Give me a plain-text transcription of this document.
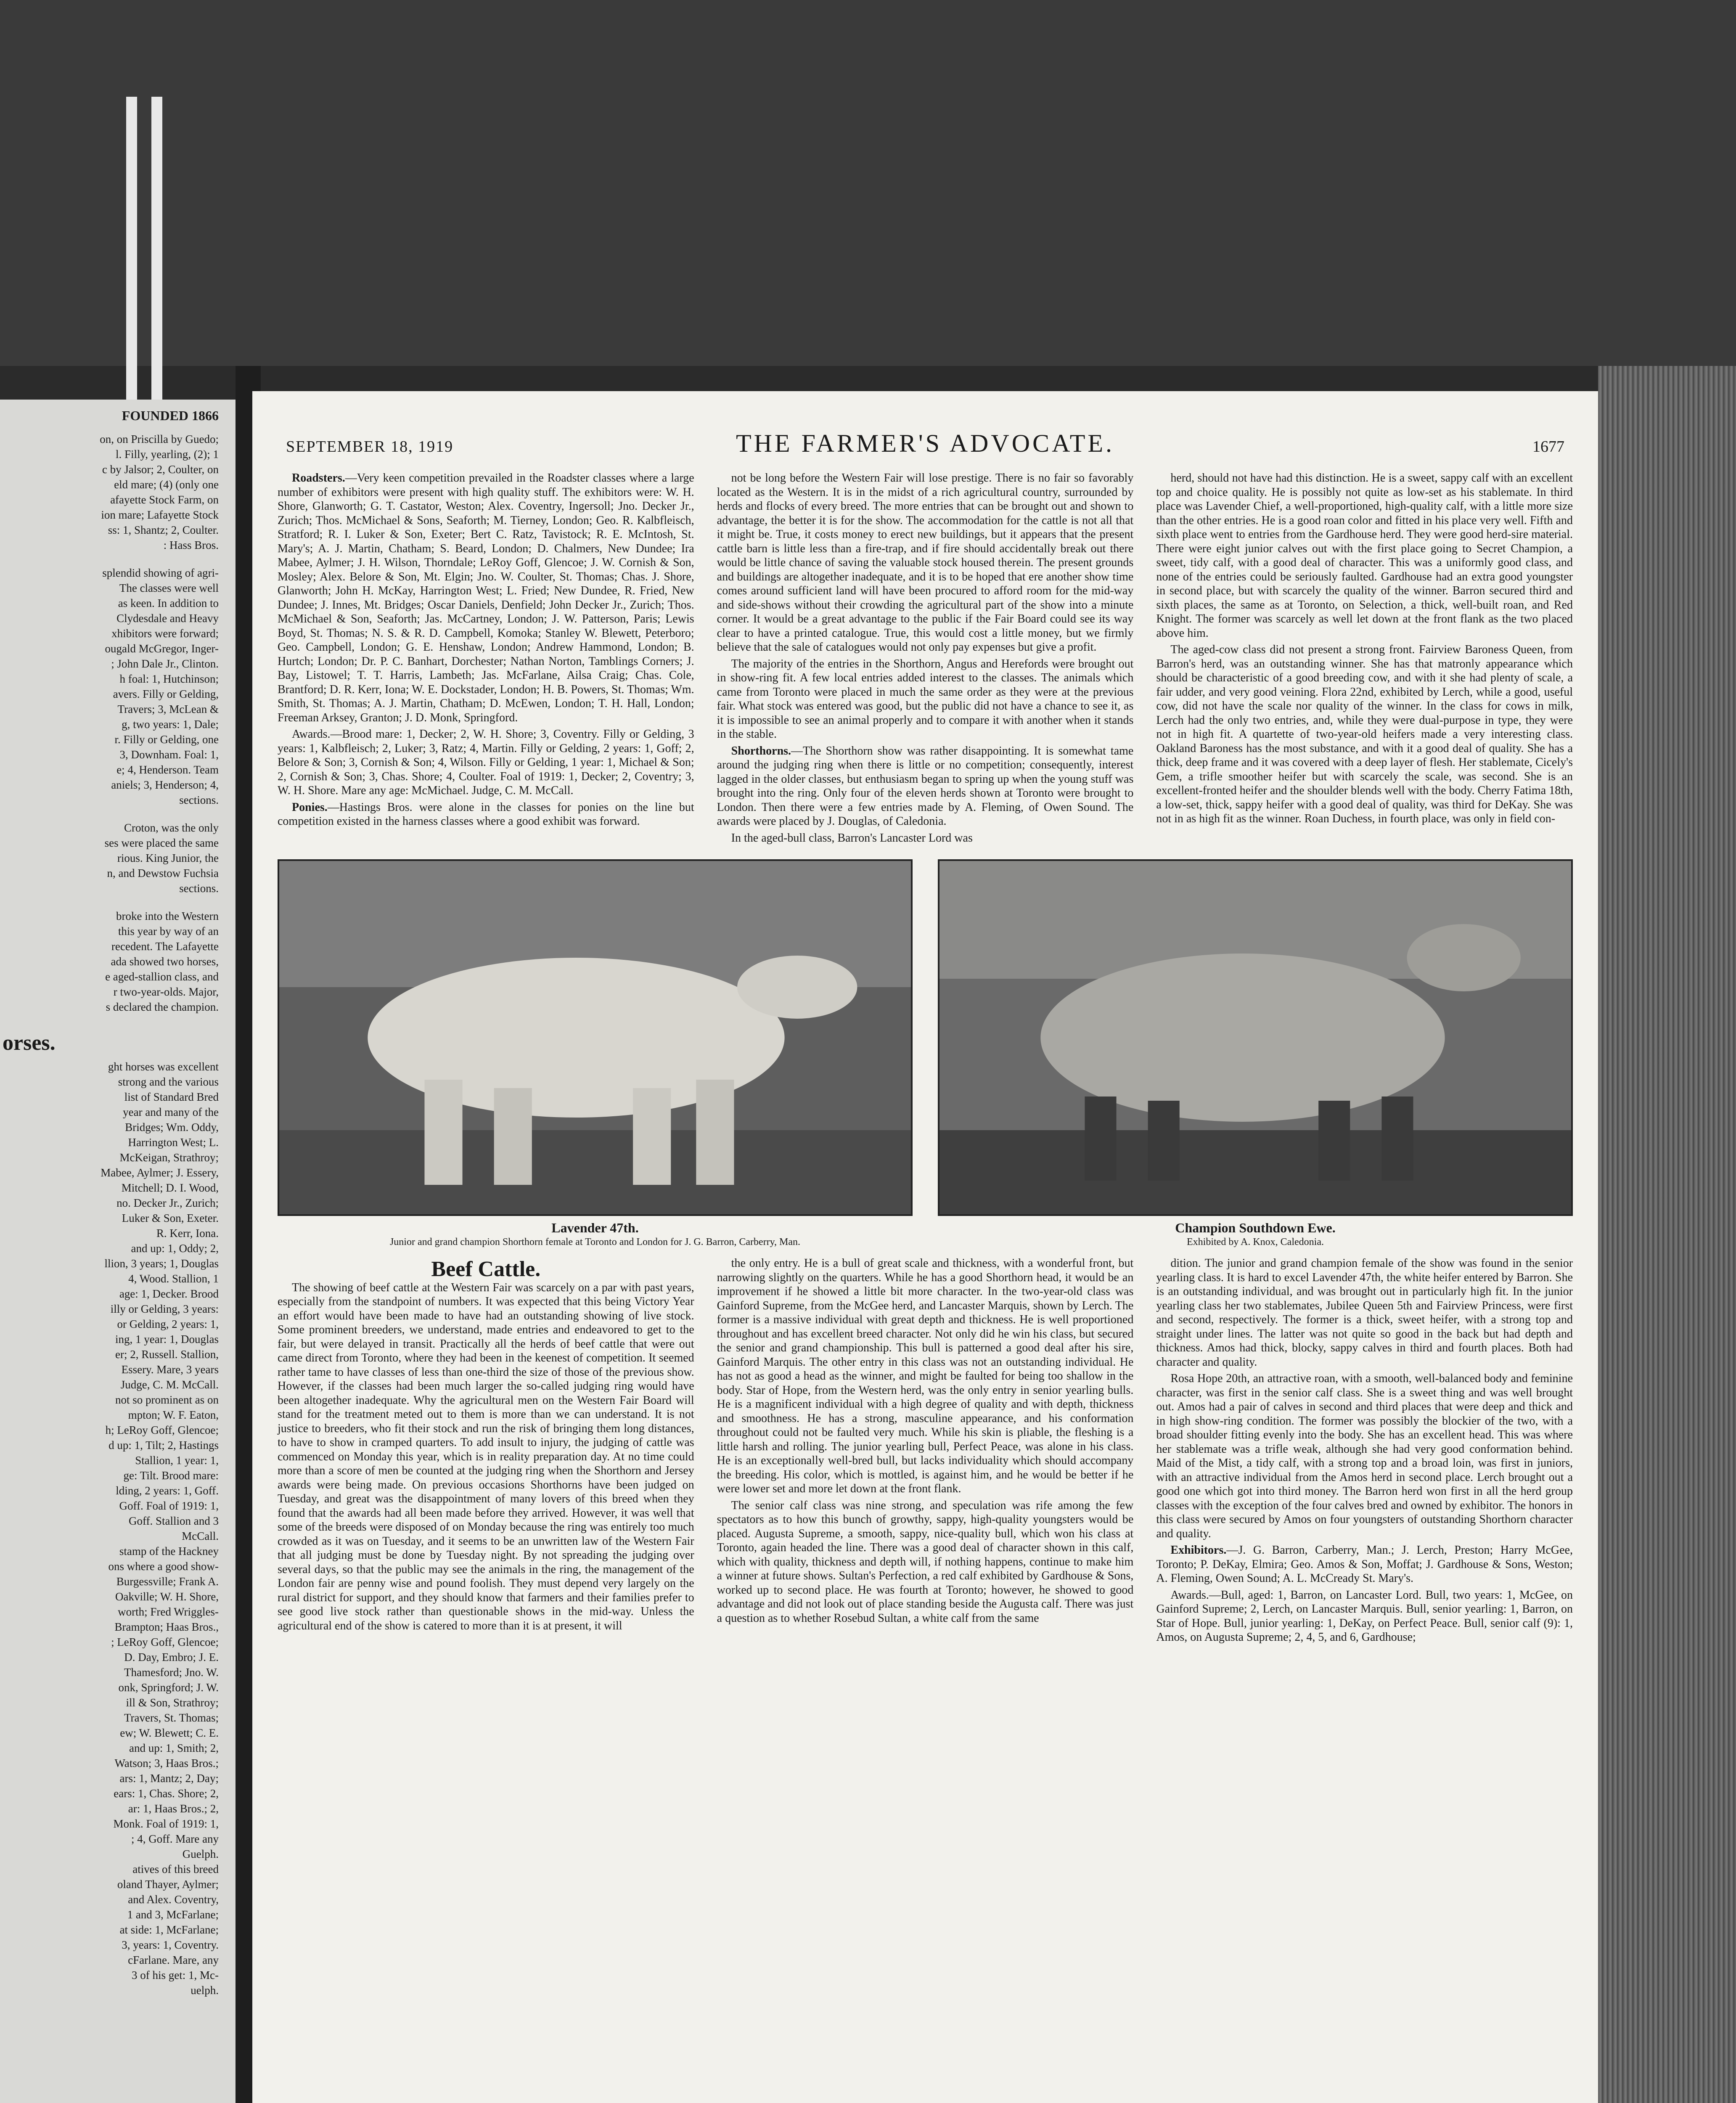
FOUNDED 1866

on, on Priscilla by Guedo;

l. Filly, yearling, (2); 1

c by Jalsor; 2, Coulter, on

eld mare; (4) (only one

afayette Stock Farm, on

ion mare; Lafayette Stock

ss: 1, Shantz; 2, Coulter.

: Hass Bros.

splendid showing of agri-

The classes were well

as keen. In addition to

Clydesdale and Heavy

xhibitors were forward;

ougald McGregor, Inger-

; John Dale Jr., Clinton.

h foal: 1, Hutchinson;

avers. Filly or Gelding,

Travers; 3, McLean &

g, two years: 1, Dale;

r. Filly or Gelding, one

3, Downham. Foal: 1,

e; 4, Henderson. Team

aniels; 3, Henderson; 4,

sections.

Croton, was the only

ses were placed the same

rious. King Junior, the

n, and Dewstow Fuchsia

sections.

broke into the Western

this year by way of an

recedent. The Lafayette

ada showed two horses,

e aged-stallion class, and

r two-year-olds. Major,

s declared the champion.

orses.

ght horses was excellent

strong and the various

list of Standard Bred

year and many of the

Bridges; Wm. Oddy,

Harrington West; L.

McKeigan, Strathroy;

Mabee, Aylmer; J. Essery,

Mitchell; D. I. Wood,

no. Decker Jr., Zurich;

Luker & Son, Exeter.

R. Kerr, Iona.

and up: 1, Oddy; 2,

llion, 3 years; 1, Douglas

4, Wood. Stallion, 1

age: 1, Decker. Brood

illy or Gelding, 3 years:

or Gelding, 2 years: 1,

ing, 1 year: 1, Douglas

er; 2, Russell. Stallion,

Essery. Mare, 3 years

Judge, C. M. McCall.

not so prominent as on

mpton; W. F. Eaton,

h; LeRoy Goff, Glencoe;

d up: 1, Tilt; 2, Hastings

Stallion, 1 year: 1,

ge: Tilt. Brood mare:

lding, 2 years: 1, Goff.

Goff. Foal of 1919: 1,

Goff. Stallion and 3

McCall.

stamp of the Hackney

ons where a good show-

Burgessville; Frank A.

Oakville; W. H. Shore,

worth; Fred Wriggles-

Brampton; Haas Bros.,

; LeRoy Goff, Glencoe;

D. Day, Embro; J. E.

Thamesford; Jno. W.

onk, Springford; J. W.

ill & Son, Strathroy;

Travers, St. Thomas;

ew; W. Blewett; C. E.

and up: 1, Smith; 2,

Watson; 3, Haas Bros.;

ars: 1, Mantz; 2, Day;

ears: 1, Chas. Shore; 2,

ar: 1, Haas Bros.; 2,

Monk. Foal of 1919: 1,

; 4, Goff. Mare any

Guelph.

atives of this breed

oland Thayer, Aylmer;

and Alex. Coventry,

1 and 3, McFarlane;

at side: 1, McFarlane;

3, years: 1, Coventry.

cFarlane. Mare, any

3 of his get: 1, Mc-

uelph.

SEPTEMBER 18, 1919	THE FARMER'S ADVOCATE.	1677

Roadsters.—Very keen competition prevailed in the Roadster classes where a large number of exhibitors were present with high quality stuff. The exhibitors were: W. H. Shore, Glanworth; G. T. Castator, Weston; Alex. Coventry, Ingersoll; Jno. Decker Jr., Zurich; Thos. McMichael & Sons, Seaforth; M. Tierney, London; Geo. R. Kalbfleisch, Stratford; R. I. Luker & Son, Exeter; Bert C. Ratz, Tavistock; R. E. McIntosh, St. Mary's; A. J. Martin, Chatham; S. Beard, London; D. Chalmers, New Dundee; Ira Mabee, Aylmer; J. H. Wilson, Thorndale; LeRoy Goff, Glencoe; J. W. Cornish & Son, Mosley; Alex. Belore & Son, Mt. Elgin; Jno. W. Coulter, St. Thomas; Chas. J. Shore, Glanworth; John H. McKay, Harrington West; L. Fried; New Dundee, R. Fried, New Dundee; J. Innes, Mt. Bridges; Oscar Daniels, Denfield; John Decker Jr., Zurich; Thos. McMichael & Son, Seaforth; Jas. McCartney, London; J. W. Patterson, Paris; Lewis Boyd, St. Thomas; N. S. & R. D. Campbell, Komoka; Stanley W. Blewett, Peterboro; Geo. Campbell, London; G. E. Henshaw, London; Andrew Hammond, London; B. Hurtch; London; Dr. P. C. Banhart, Dorchester; Nathan Norton, Tamblings Corners; J. Bay, Listowel; T. T. Harris, Lambeth; Jas. McFarlane, Ailsa Craig; Chas. Cole, Brantford; D. R. Kerr, Iona; W. E. Dockstader, London; H. B. Powers, St. Thomas; Wm. Smith, St. Thomas; A. J. Martin, Chatham; D. McEwen, London; T. H. Hall, London; Freeman Arksey, Granton; J. D. Monk, Springford.

Awards.—Brood mare: 1, Decker; 2, W. H. Shore; 3, Coventry. Filly or Gelding, 3 years: 1, Kalbfleisch; 2, Luker; 3, Ratz; 4, Martin. Filly or Gelding, 2 years: 1, Goff; 2, Belore & Son; 3, Cornish & Son; 4, Wilson. Filly or Gelding, 1 year: 1, Michael & Son; 2, Cornish & Son; 3, Chas. Shore; 4, Coulter. Foal of 1919: 1, Decker; 2, Coventry; 3, W. H. Shore. Mare any age: McMichael. Judge, C. M. McCall.

Ponies.—Hastings Bros. were alone in the classes for ponies on the line but competition existed in the harness classes where a good exhibit was forward.

not be long before the Western Fair will lose prestige. There is no fair so favorably located as the Western. It is in the midst of a rich agricultural country, surrounded by herds and flocks of every breed. The more entries that can be brought out and shown to advantage, the better it is for the show. The accommodation for the cattle is not all that it might be. True, it costs money to erect new buildings, but it appears that the present cattle barn is little less than a fire-trap, and if fire should accidentally break out there would be little chance of saving the valuable stock housed therein. The present grounds and buildings are altogether inadequate, and it is to be hoped that ere another show time comes around sufficient land will have been procured to afford room for the mid-way and side-shows without their crowding the agricultural part of the show into a minute corner. It would be a great advantage to the public if the Fair Board could see its way clear to have a printed catalogue. True, this would cost a little money, but we firmly believe that the sale of catalogues would not only pay expenses but give a profit.

The majority of the entries in the Shorthorn, Angus and Herefords were brought out in show-ring fit. A few local entries added interest to the classes. The animals which came from Toronto were placed in much the same order as they were at the previous fair. What stock was entered was good, but the public did not have a chance to see it, as it is impossible to see an animal properly and to compare it with another when it stands in the stable.

Shorthorns.—The Shorthorn show was rather disappointing. It is somewhat tame around the judging ring when there is little or no competition; consequently, interest lagged in the older classes, but enthusiasm began to spring up when the young stuff was brought into the ring. Only four of the eleven herds shown at Toronto were brought to London. Then there were a few entries made by A. Fleming, of Owen Sound. The awards were placed by J. Douglas, of Caledonia.

In the aged-bull class, Barron's Lancaster Lord was

herd, should not have had this distinction. He is a sweet, sappy calf with an excellent top and choice quality. He is possibly not quite as low-set as his stablemate. In third place was Lavender Chief, a well-proportioned, high-quality calf, with a little more size than the other entries. He is a good roan color and fitted in his place very well. Fifth and sixth place went to entries from the Gardhouse herd. They were good herd-sire material. There were eight junior calves out with the first place going to Secret Champion, a sweet, tidy calf, with a good deal of character. This was a uniformly good class, and none of the entries could be seriously faulted. Gardhouse had an extra good youngster in second place, but with scarcely the quality of the winner. Barron secured third and sixth places, the same as at Toronto, on Selection, a thick, well-built roan, and Red Knight. The former was scarcely as well let down at the front flank as the two placed above him.

The aged-cow class did not present a strong front. Fairview Baroness Queen, from Barron's herd, was an outstanding winner. She has that matronly appearance which should be characteristic of a good breeding cow, and with it she had plenty of scale, a fair udder, and very good veining. Flora 22nd, exhibited by Lerch, while a good, useful cow, did not have the scale nor quality of the winner. In the class for cows in milk, Lerch had the only two entries, and, while they were dual-purpose in type, they were not in high fit. A quartette of two-year-old heifers made a very interesting class. Oakland Baroness has the most substance, and with it a good deal of quality. She has a thick, deep frame and it was covered with a deep layer of flesh. Her stablemate, Cicely's Gem, a trifle smoother heifer but with scarcely the scale, was second. She is an excellent-fronted heifer and the shoulder blends well with the body. Cherry Fatima 18th, a low-set, thick, sappy heifer with a good deal of quality, was third for DeKay. She was not in as high fit as the winner. Roan Duchess, in fourth place, was only in field con-

Lavender 47th.
Junior and grand champion Shorthorn female at Toronto and London for J. G. Barron, Carberry, Man.
Champion Southdown Ewe.
Exhibited by A. Knox, Caledonia.
Beef Cattle.

The showing of beef cattle at the Western Fair was scarcely on a par with past years, especially from the standpoint of numbers. It was expected that this being Victory Year an effort would have been made to have had an outstanding showing of live stock. Some prominent breeders, we understand, made entries and endeavored to get to the fair, but were delayed in transit. Practically all the herds of beef cattle that were out came direct from Toronto, where they had been in the keenest of competition. It seemed rather tame to have classes of less than one-third the size of those of the previous show. However, if the classes had been much larger the so-called judging ring would have been altogether inadequate. Why the agricultural men on the Western Fair Board will stand for the treatment meted out to them is more than we can understand. It is not justice to breeders, who fit their stock and run the risk of bringing them long distances, to have to show in cramped quarters. To add insult to injury, the judging of cattle was commenced on Monday this year, which is in reality preparation day. At no time could more than a score of men be counted at the judging ring when the Shorthorn and Jersey awards were being made. On previous occasions Shorthorns have been judged on Tuesday, and great was the disappointment of many lovers of this breed when they found that the awards had all been made before they arrived. However, it was well that some of the breeds were disposed of on Monday because the ring was entirely too much crowded as it was on Tuesday, and it seems to be an unwritten law of the Western Fair that all judging must be done by Tuesday night. By not spreading the judging over several days, so that the public may see the animals in the ring, the management of the London fair are penny wise and pound foolish. They must depend very largely on the rural district for support, and they should know that farmers and their families prefer to see good live stock rather than questionable shows in the mid-way. Unless the agricultural end of the show is catered to more than it is at present, it will

the only entry. He is a bull of great scale and thickness, with a wonderful front, but narrowing slightly on the quarters. While he has a good Shorthorn head, it would be an improvement if he showed a little bit more character. In the two-year-old class was Gainford Supreme, from the McGee herd, and Lancaster Marquis, shown by Lerch. The former is a massive individual with great depth and thickness. He is well proportioned throughout and has excellent breed character. Not only did he win his class, but secured the senior and grand championship. This bull is patterned a good deal after his sire, Gainford Marquis. The other entry in this class was not an outstanding individual. He has not as good a head as the winner, and might be faulted for being too shallow in the body. Star of Hope, from the Western herd, was the only entry in senior yearling bulls. He is a magnificent individual with a high degree of quality and with depth, thickness and smoothness. He has a strong, masculine appearance, and his conformation throughout could not be faulted very much. While his skin is pliable, the fleshing is a little harsh and rolling. The junior yearling bull, Perfect Peace, was alone in his class. He is an exceptionally well-bred bull, but lacks individuality which should accompany the breeding. His color, which is mottled, is against him, and he would be better if he were lower set and more let down at the front flank.

The senior calf class was nine strong, and speculation was rife among the few spectators as to how this bunch of growthy, sappy, high-quality youngsters would be placed. Augusta Supreme, a smooth, sappy, nice-quality bull, which won his class at Toronto, again headed the line. There was a good deal of character shown in this calf, which with quality, thickness and depth will, if nothing happens, continue to make him a winner at future shows. Sultan's Perfection, a red calf exhibited by Gardhouse & Sons, worked up to second place. He was fourth at Toronto; however, he showed to good advantage and did not look out of place standing beside the Augusta calf. There was just a question as to whether Rosebud Sultan, a white calf from the same

dition. The junior and grand champion female of the show was found in the senior yearling class. It is hard to excel Lavender 47th, the white heifer entered by Barron. She is an outstanding individual, and was brought out in particularly high fit. In the junior yearling class her two stablemates, Jubilee Queen 5th and Fairview Princess, were first and second, respectively. The former is a thick, sweet heifer, with a strong top and straight under lines. The latter was not quite so good in the back but had depth and thickness. Amos had thick, blocky, sappy calves in third and fourth places. Both had character and quality.

Rosa Hope 20th, an attractive roan, with a smooth, well-balanced body and feminine character, was first in the senior calf class. She is a sweet thing and was well brought out. Amos had a pair of calves in second and third places that were deep and thick and in high show-ring condition. The former was possibly the blockier of the two, with a broad shoulder fitting evenly into the body. She has an excellent head. This was where her stablemate was a trifle weak, although she had very good conformation behind. Maid of the Mist, a tidy calf, with a strong top and a broad loin, was first in juniors, with an attractive individual from the Amos herd in second place. Lerch brought out a good one which got into third money. The Barron herd won first in all the herd group classes with the exception of the four calves bred and owned by exhibitor. The honors in this class were secured by Amos on four youngsters of outstanding Shorthorn character and quality.

Exhibitors.—J. G. Barron, Carberry, Man.; J. Lerch, Preston; Harry McGee, Toronto; P. DeKay, Elmira; Geo. Amos & Son, Moffat; J. Gardhouse & Sons, Weston; A. Fleming, Owen Sound; A. L. McCready St. Mary's.

Awards.—Bull, aged: 1, Barron, on Lancaster Lord. Bull, two years: 1, McGee, on Gainford Supreme; 2, Lerch, on Lancaster Marquis. Bull, senior yearling: 1, Barron, on Star of Hope. Bull, junior yearling: 1, DeKay, on Perfect Peace. Bull, senior calf (9): 1, Amos, on Augusta Supreme; 2, 4, 5, and 6, Gardhouse;
